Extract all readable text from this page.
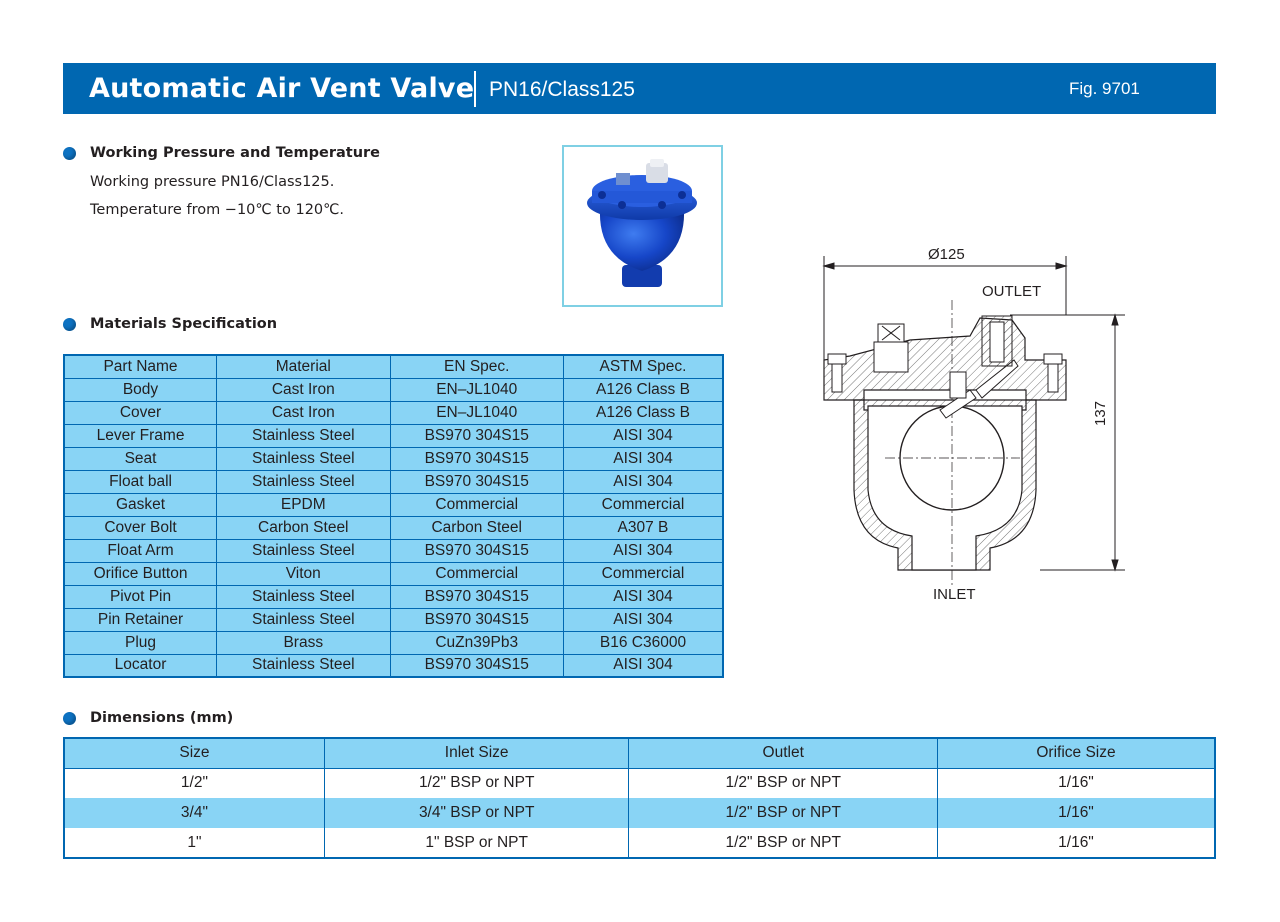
Automatic Air Vent Valve PN16/Class125	Fig. 9701
Working Pressure and Temperature
Working pressure PN16/Class125.
Temperature from −10℃ to 120℃.
Materials Specification
Part Name	Material	EN Spec.	ASTM Spec.
Body	Cast Iron	EN–JL1040	A126 Class B
Cover	Cast Iron	EN–JL1040	A126 Class B
Lever Frame	Stainless Steel	BS970 304S15	AISI 304
Seat	Stainless Steel	BS970 304S15	AISI 304
Float ball	Stainless Steel	BS970 304S15	AISI 304
Gasket	EPDM	Commercial	Commercial
Cover Bolt	Carbon Steel	Carbon Steel	A307 B
Float Arm	Stainless Steel	BS970 304S15	AISI 304
Orifice Button	Viton	Commercial	Commercial
Pivot Pin	Stainless Steel	BS970 304S15	AISI 304
Pin Retainer	Stainless Steel	BS970 304S15	AISI 304
Plug	Brass	CuZn39Pb3	B16 C36000
Locator	Stainless Steel	BS970 304S15	AISI 304
Ø125
OUTLET
INLET
137
Dimensions (mm)
Size	Inlet Size	Outlet	Orifice Size
1/2"	1/2" BSP or NPT	1/2" BSP or NPT	1/16"
3/4"	3/4" BSP or NPT	1/2" BSP or NPT	1/16"
1"	1" BSP or NPT	1/2" BSP or NPT	1/16"
